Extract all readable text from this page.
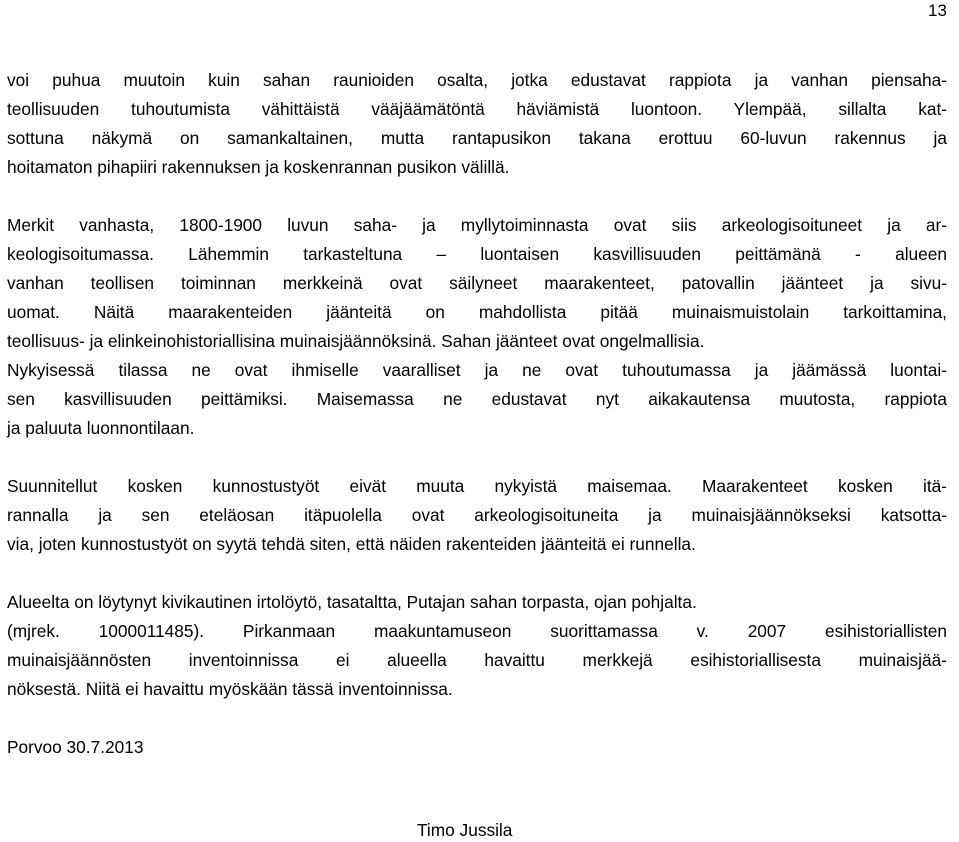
13
voi puhua muutoin kuin sahan raunioiden osalta, jotka edustavat rappiota ja vanhan piensaha-
teollisuuden tuhoutumista vähittäistä vääjäämätöntä häviämistä luontoon. Ylempää, sillalta kat-
sottuna näkymä on samankaltainen, mutta rantapusikon takana erottuu 60-luvun rakennus ja
hoitamaton pihapiiri rakennuksen ja koskenrannan pusikon välillä.
Merkit vanhasta, 1800-1900 luvun saha- ja myllytoiminnasta ovat siis arkeologisoituneet ja ar-
keologisoitumassa. Lähemmin tarkasteltuna – luontaisen kasvillisuuden peittämänä - alueen
vanhan teollisen toiminnan merkkeinä ovat säilyneet maarakenteet, patovallin jäänteet ja sivu-
uomat. Näitä maarakenteiden jäänteitä on mahdollista pitää muinaismuistolain tarkoittamina,
teollisuus- ja elinkeinohistoriallisina muinaisjäännöksinä. Sahan jäänteet ovat ongelmallisia.
Nykyisessä tilassa ne ovat ihmiselle vaaralliset ja ne ovat tuhoutumassa ja jäämässä luontai-
sen kasvillisuuden peittämiksi. Maisemassa ne edustavat nyt aikakautensa muutosta, rappiota
ja paluuta luonnontilaan.
Suunnitellut kosken kunnostustyöt eivät muuta nykyistä maisemaa. Maarakenteet kosken itä-
rannalla ja sen eteläosan itäpuolella ovat arkeologisoituneita ja muinaisjäännökseksi katsotta-
via, joten kunnostustyöt on syytä tehdä siten, että näiden rakenteiden jäänteitä ei runnella.
Alueelta on löytynyt kivikautinen irtolöytö, tasataltta, Putajan sahan torpasta, ojan pohjalta.
(mjrek. 1000011485). Pirkanmaan maakuntamuseon suorittamassa v. 2007 esihistoriallisten
muinaisjäännösten inventoinnissa ei alueella havaittu merkkejä esihistoriallisesta muinaisjää-
nöksestä. Niitä ei havaittu myöskään tässä inventoinnissa.
Porvoo 30.7.2013
Timo Jussila
